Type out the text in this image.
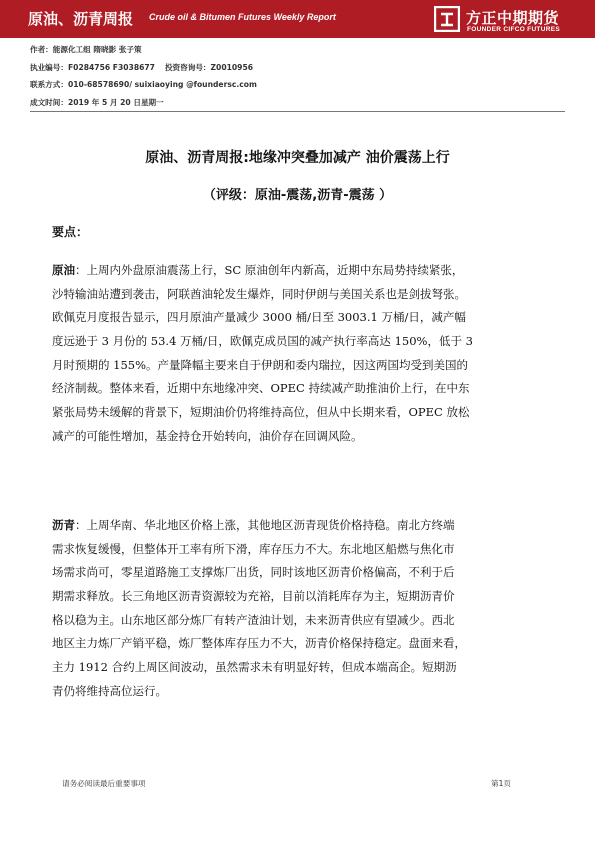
原油、沥青周报 Crude oil & Bitumen Futures Weekly Report	方正中期期货
FOUNDER CIFCO FUTURES
作者：能源化工组 隋晓影 张子策
执业编号：F0284756 F3038677 投资咨询号：Z0010956
联系方式：010-68578690/ suixiaoying @foundersc.com
成文时间：2019 年 5 月 20 日星期一
原油、沥青周报:地缘冲突叠加减产 油价震荡上行
（评级：原油-震荡,沥青-震荡 ）
要点：
原油：上周内外盘原油震荡上行，SC 原油创年内新高，近期中东局势持续紧张，
沙特输油站遭到袭击，阿联酋油轮发生爆炸，同时伊朗与美国关系也是剑拔弩张。
欧佩克月度报告显示，四月原油产量减少 3000 桶/日至 3003.1 万桶/日，减产幅
度远逊于 3 月份的 53.4 万桶/日，欧佩克成员国的减产执行率高达 150%，低于 3
月时预期的 155%。产量降幅主要来自于伊朗和委内瑞拉，因这两国均受到美国的
经济制裁。整体来看，近期中东地缘冲突、OPEC 持续减产助推油价上行，在中东
紧张局势未缓解的背景下，短期油价仍将维持高位，但从中长期来看，OPEC 放松
减产的可能性增加，基金持仓开始转向，油价存在回调风险。
沥青：上周华南、华北地区价格上涨，其他地区沥青现货价格持稳。南北方终端
需求恢复缓慢，但整体开工率有所下滑，库存压力不大。东北地区船燃与焦化市
场需求尚可，零星道路施工支撑炼厂出货，同时该地区沥青价格偏高，不利于后
期需求释放。长三角地区沥青资源较为充裕，目前以消耗库存为主，短期沥青价
格以稳为主。山东地区部分炼厂有转产渣油计划，未来沥青供应有望减少。西北
地区主力炼厂产销平稳，炼厂整体库存压力不大，沥青价格保持稳定。盘面来看，
主力 1912 合约上周区间波动，虽然需求未有明显好转，但成本端高企。短期沥
青仍将维持高位运行。
请务必阅读最后重要事项	第1页
